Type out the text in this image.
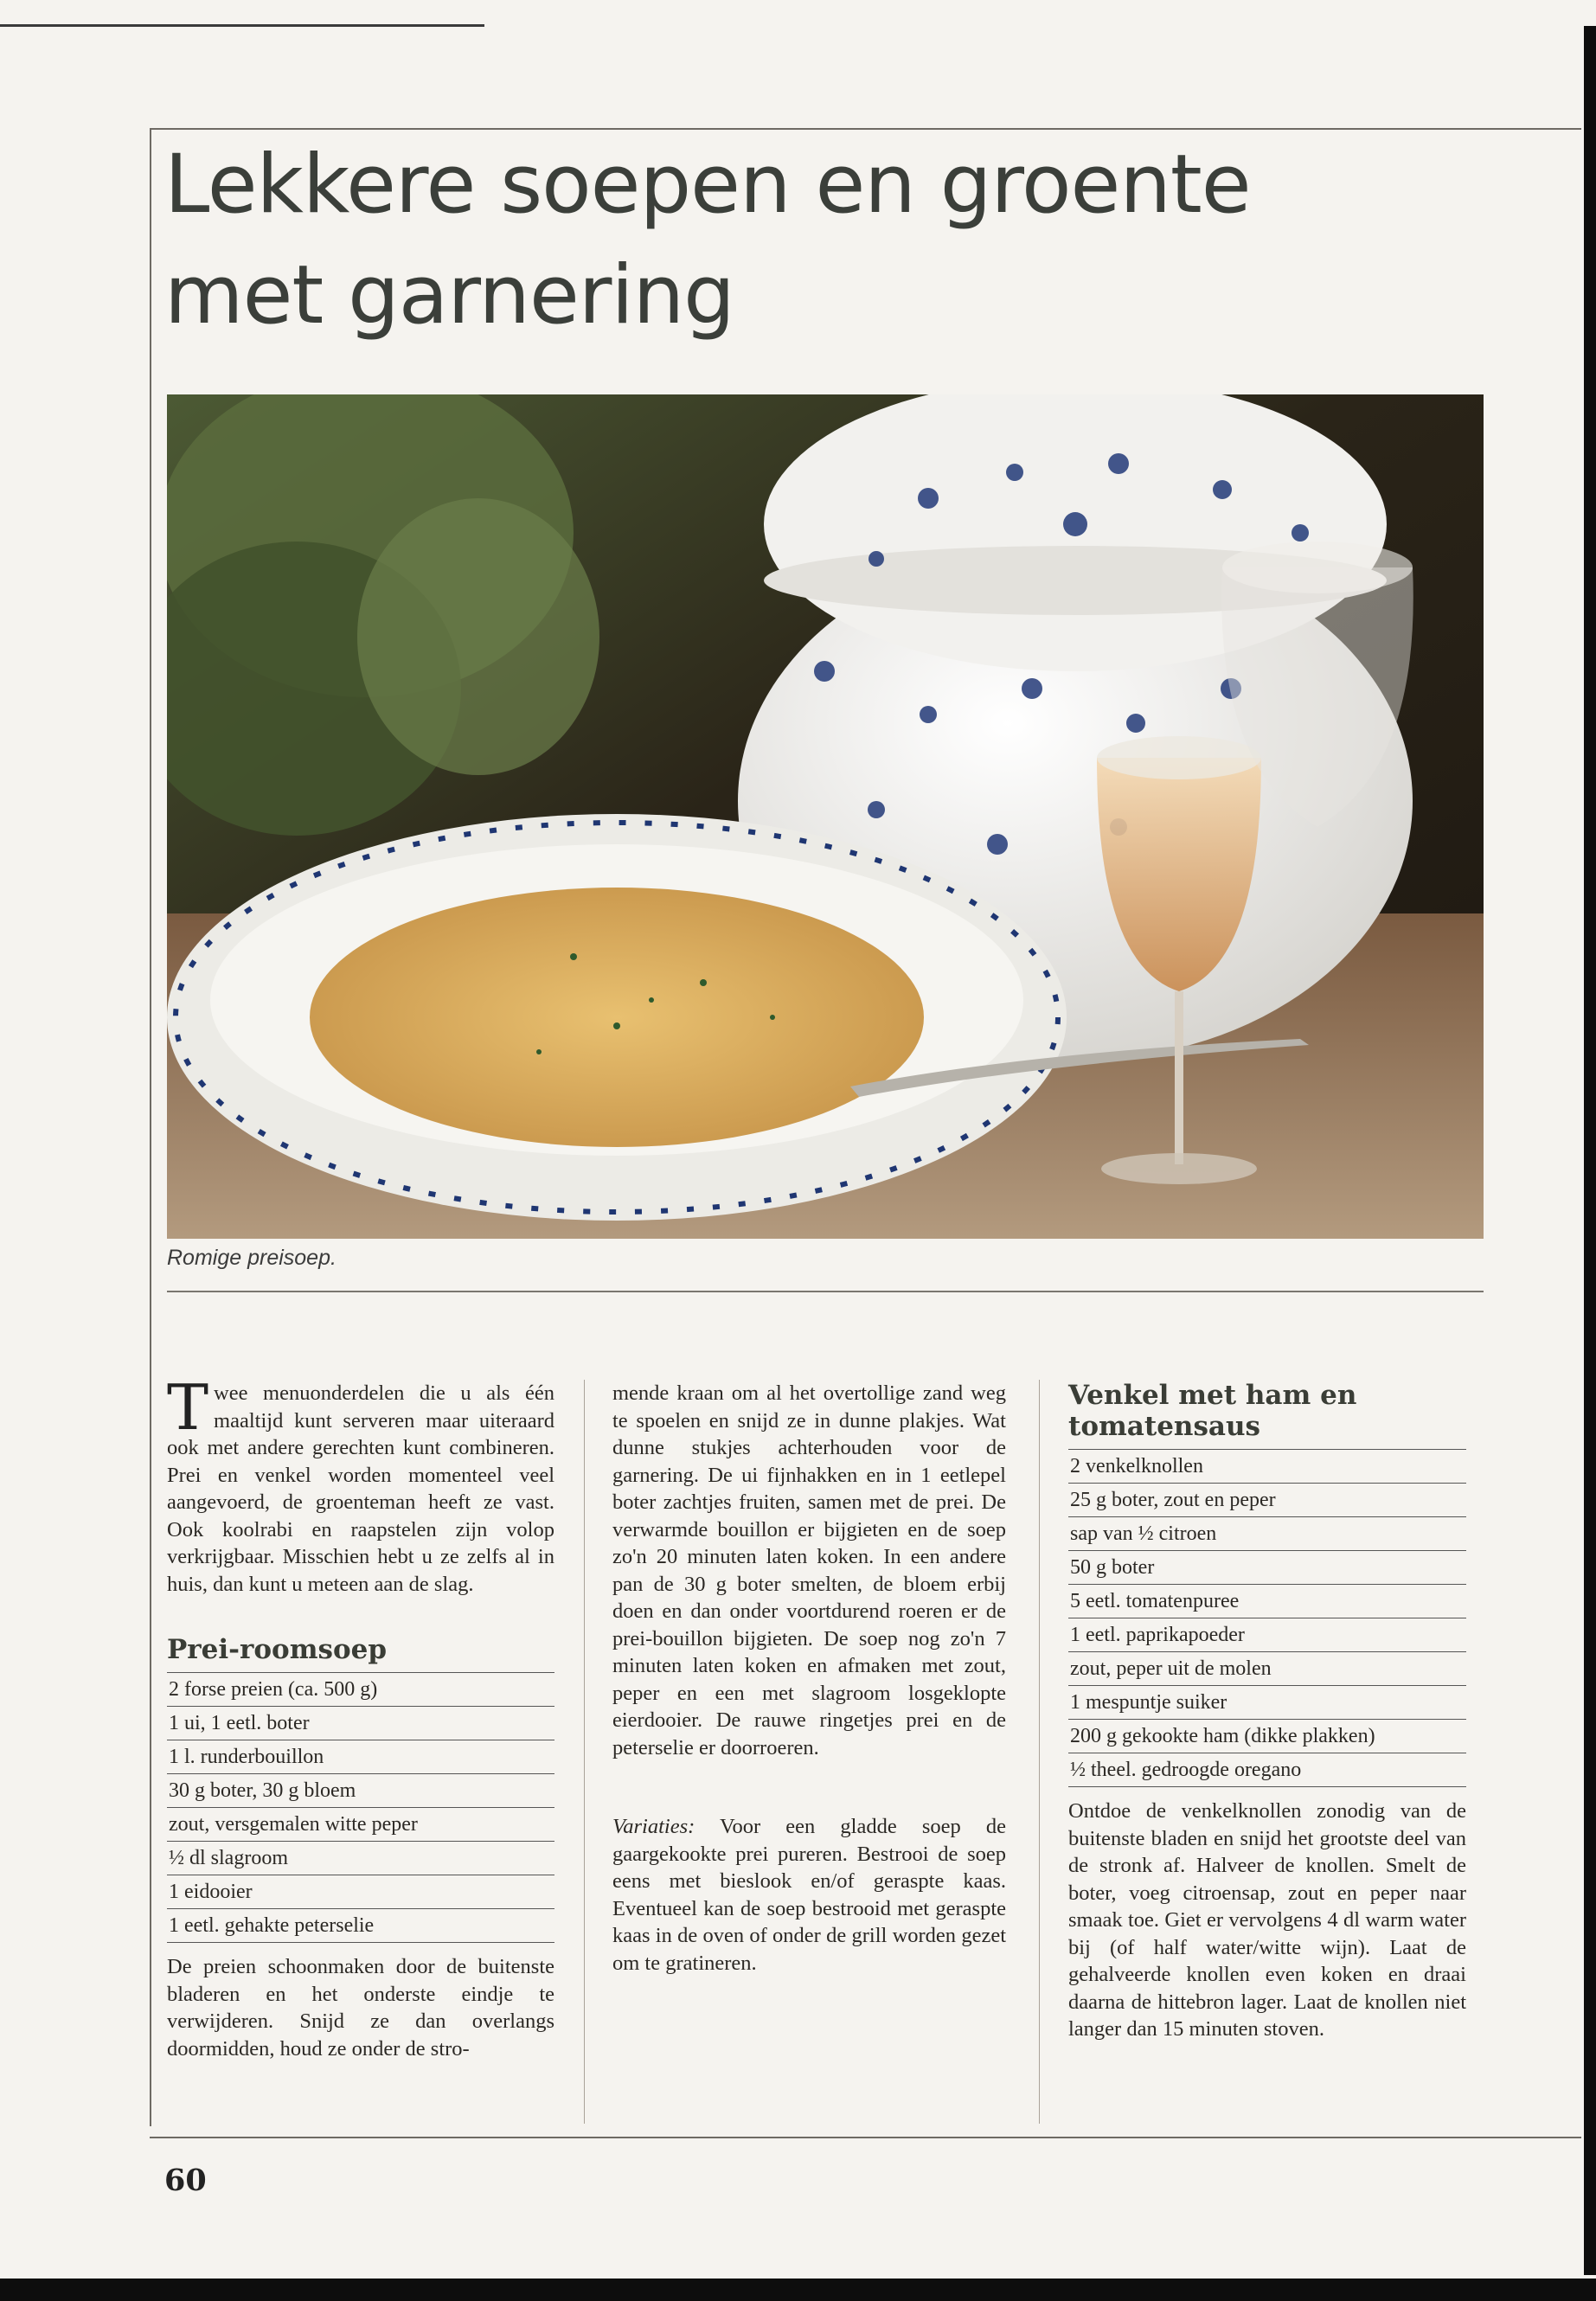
Lekkere soepen en groente
met garnering
Romige preisoep.

T wee menuonderdelen die u als één maaltijd kunt serveren maar uiteraard ook met andere gerechten kunt combineren. Prei en venkel worden momenteel veel aangevoerd, de groenteman heeft ze vast. Ook koolrabi en raapstelen zijn volop verkrijgbaar. Misschien hebt u ze zelfs al in huis, dan kunt u meteen aan de slag.

Prei-roomsoep
2 forse preien (ca. 500 g)
1 ui, 1 eetl. boter
1 l. runderbouillon
30 g boter, 30 g bloem
zout, versgemalen witte peper
½ dl slagroom
1 eidooier
1 eetl. gehakte peterselie

De preien schoonmaken door de buitenste bladeren en het onderste eindje te verwijderen. Snijd ze dan overlangs doormidden, houd ze onder de stro-

mende kraan om al het overtollige zand weg te spoelen en snijd ze in dunne plakjes. Wat dunne stukjes achterhouden voor de garnering. De ui fijnhakken en in 1 eetlepel boter zachtjes fruiten, samen met de prei. De verwarmde bouillon er bijgieten en de soep zo'n 20 minuten laten koken. In een andere pan de 30 g boter smelten, de bloem erbij doen en dan onder voortdurend roeren er de prei-bouillon bijgieten. De soep nog zo'n 7 minuten laten koken en afmaken met zout, peper en een met slagroom losgeklopte eierdooier. De rauwe ringetjes prei en de peterselie er doorroeren.

Variaties: Voor een gladde soep de gaargekookte prei pureren. Bestrooi de soep eens met bieslook en/of geraspte kaas. Eventueel kan de soep bestrooid met geraspte kaas in de oven of onder de grill worden gezet om te gratineren.

Venkel met ham en tomatensaus
2 venkelknollen
25 g boter, zout en peper
sap van ½ citroen
50 g boter
5 eetl. tomatenpuree
1 eetl. paprikapoeder
zout, peper uit de molen
1 mespuntje suiker
200 g gekookte ham (dikke plakken)
½ theel. gedroogde oregano

Ontdoe de venkelknollen zonodig van de buitenste bladen en snijd het grootste deel van de stronk af. Halveer de knollen. Smelt de boter, voeg citroensap, zout en peper naar smaak toe. Giet er vervolgens 4 dl warm water bij (of half water/witte wijn). Laat de gehalveerde knollen even koken en draai daarna de hittebron lager. Laat de knollen niet langer dan 15 minuten stoven.

60
